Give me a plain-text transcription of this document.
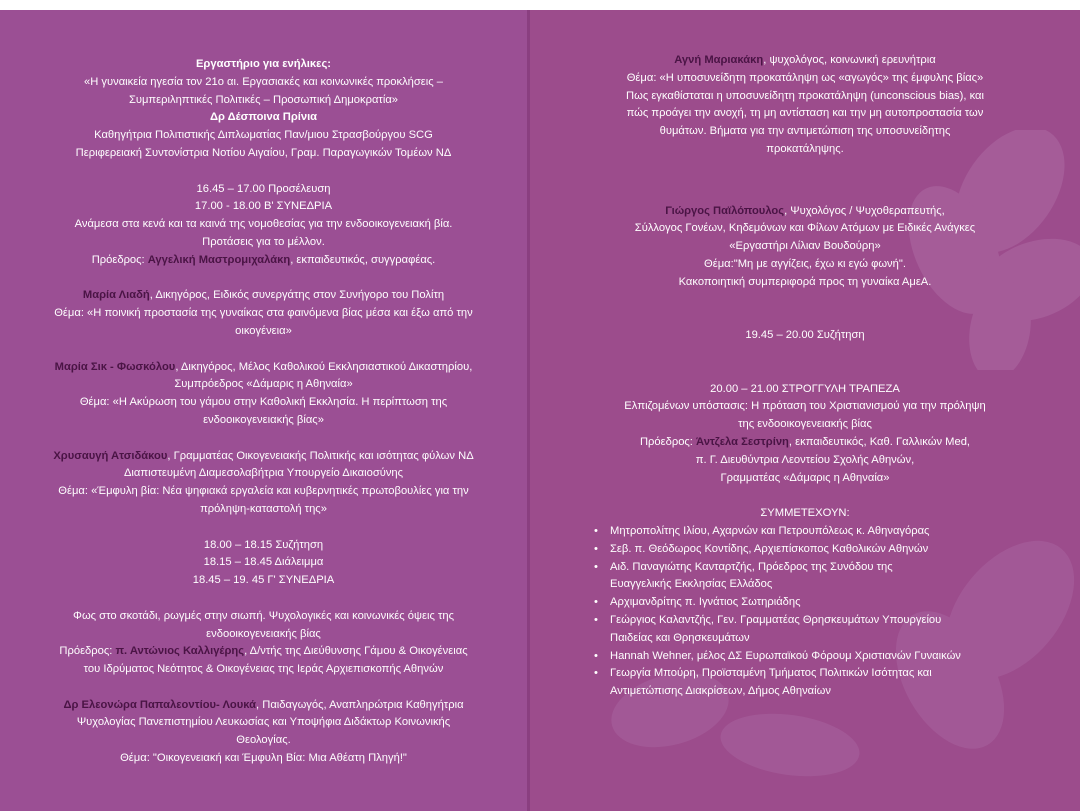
Εργαστήριο για ενήλικες:

«Η γυναικεία ηγεσία τον 21ο αι. Εργασιακές και κοινωνικές προκλήσεις –

Συμπεριληπτικές Πολιτικές – Προσωπική Δημοκρατία»

Δρ Δέσποινα Πρίνια

Καθηγήτρια Πολιτιστικής Διπλωματίας Παν/μιου Στρασβούργου SCG

Περιφερειακή Συντονίστρια Νοτίου Αιγαίου, Γραμ. Παραγωγικών Τομέων ΝΔ

16.45 – 17.00 Προσέλευση

17.00 - 18.00 Β' ΣΥΝΕΔΡΙΑ

Ανάμεσα στα κενά και τα καινά της νομοθεσίας για την ενδοοικογενειακή βία.

Προτάσεις για το μέλλον.

Πρόεδρος: Αγγελική Μαστρομιχαλάκη, εκπαιδευτικός, συγγραφέας.

Μαρία Λιαδή, Δικηγόρος, Ειδικός συνεργάτης στον Συνήγορο του Πολίτη

Θέμα: «Η ποινική προστασία της γυναίκας στα φαινόμενα βίας μέσα και έξω από την

οικογένεια»

Μαρία Σικ - Φωσκόλου, Δικηγόρος, Μέλος Καθολικού Εκκλησιαστικού Δικαστηρίου,

Συμπρόεδρος «Δάμαρις η Αθηναία»

Θέμα: «Η Ακύρωση του γάμου στην Καθολική Εκκλησία. Η περίπτωση της

ενδοοικογενειακής βίας»

Χρυσαυγή Ατσιδάκου, Γραμματέας Οικογενειακής Πολιτικής και ισότητας φύλων ΝΔ

Διαπιστευμένη Διαμεσολαβήτρια Υπουργείο Δικαιοσύνης

Θέμα: «Έμφυλη βία: Νέα ψηφιακά εργαλεία και κυβερνητικές πρωτοβουλίες για την

πρόληψη-καταστολή της»

18.00 – 18.15 Συζήτηση

18.15 – 18.45 Διάλειμμα

18.45 – 19. 45 Γ' ΣΥΝΕΔΡΙΑ

Φως στο σκοτάδι, ρωγμές στην σιωπή. Ψυχολογικές και κοινωνικές όψεις της

ενδοοικογενειακής βίας

Πρόεδρος: π. Αντώνιος Καλλιγέρης, Δ/ντής της Διεύθυνσης Γάμου & Οικογένειας

του Ιδρύματος Νεότητος & Οικογένειας της Ιεράς Αρχιεπισκοπής Αθηνών

Δρ Ελεονώρα Παπαλεοντίου- Λουκά, Παιδαγωγός, Αναπληρώτρια Καθηγήτρια

Ψυχολογίας Πανεπιστημίου Λευκωσίας και Υποψήφια Διδάκτωρ Κοινωνικής

Θεολογίας.

Θέμα: "Οικογενειακή και Έμφυλη Βία: Μια Αθέατη Πληγή!"

Αγνή Μαριακάκη, ψυχολόγος, κοινωνική ερευνήτρια

Θέμα: «Η υποσυνείδητη προκατάληψη ως «αγωγός» της έμφυλης βίας»

Πως εγκαθίσταται η υποσυνείδητη προκατάληψη (unconscious bias), και

πώς προάγει την ανοχή, τη μη αντίσταση και την μη αυτοπροστασία των

θυμάτων. Βήματα για την αντιμετώπιση της υποσυνείδητης

προκατάληψης.

Γιώργος Παϊλόπουλος, Ψυχολόγος / Ψυχοθεραπευτής,

Σύλλογος Γονέων, Κηδεμόνων και Φίλων Ατόμων με Ειδικές Ανάγκες

«Εργαστήρι Λίλιαν Βουδούρη»

Θέμα:"Μη με αγγίζεις, έχω κι εγώ φωνή".

Κακοποιητική συμπεριφορά προς τη γυναίκα ΑμεΑ.

19.45 – 20.00 Συζήτηση

20.00 – 21.00 ΣΤΡΟΓΓΥΛΗ ΤΡΑΠΕΖΑ

Ελπιζομένων υπόστασις: Η πρόταση του Χριστιανισμού για την πρόληψη

της ενδοοικογενειακής βίας

Πρόεδρος: Άντζελα Σεστρίνη, εκπαιδευτικός, Καθ. Γαλλικών Med,

π. Γ. Διευθύντρια Λεοντείου Σχολής Αθηνών,

Γραμματέας «Δάμαρις η Αθηναία»

ΣΥΜΜΕΤΕΧΟΥΝ:

• Μητροπολίτης Ιλίου, Αχαρνών και Πετρουπόλεως κ. Αθηναγόρας
• Σεβ. π. Θεόδωρος Κοντίδης, Αρχιεπίσκοπος Καθολικών Αθηνών
• Αιδ. Παναγιώτης Κανταρτζής, Πρόεδρος της Συνόδου της
Ευαγγελικής Εκκλησίας Ελλάδος
• Αρχιμανδρίτης π. Ιγνάτιος Σωτηριάδης
• Γεώργιος Καλαντζής, Γεν. Γραμματέας Θρησκευμάτων Υπουργείου
Παιδείας και Θρησκευμάτων
• Hannah Wehner, μέλος ΔΣ Ευρωπαϊκού Φόρουμ Χριστιανών Γυναικών
• Γεωργία Μπούρη, Προϊσταμένη Τμήματος Πολιτικών Ισότητας και
Αντιμετώπισης Διακρίσεων, Δήμος Αθηναίων
